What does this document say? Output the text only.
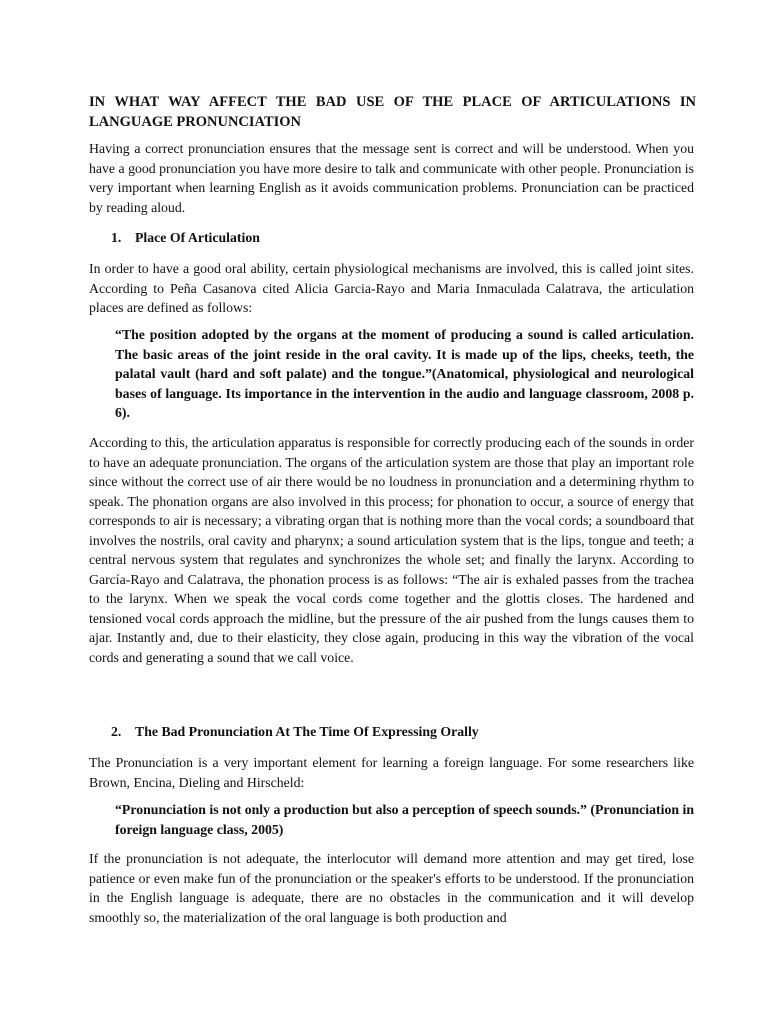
IN WHAT WAY AFFECT THE BAD USE OF THE PLACE OF ARTICULATIONS IN LANGUAGE PRONUNCIATION

Having a correct pronunciation ensures that the message sent is correct and will be understood. When you have a good pronunciation you have more desire to talk and communicate with other people. Pronunciation is very important when learning English as it avoids communication problems. Pronunciation can be practiced by reading aloud.

1. Place Of Articulation

In order to have a good oral ability, certain physiological mechanisms are involved, this is called joint sites. According to Peña Casanova cited Alicia Garcia-Rayo and Maria Inmaculada Calatrava, the articulation places are defined as follows:

“The position adopted by the organs at the moment of producing a sound is called articulation. The basic areas of the joint reside in the oral cavity. It is made up of the lips, cheeks, teeth, the palatal vault (hard and soft palate) and the tongue.”(Anatomical, physiological and neurological bases of language. Its importance in the intervention in the audio and language classroom, 2008 p. 6).

According to this, the articulation apparatus is responsible for correctly producing each of the sounds in order to have an adequate pronunciation. The organs of the articulation system are those that play an important role since without the correct use of air there would be no loudness in pronunciation and a determining rhythm to speak. The phonation organs are also involved in this process; for phonation to occur, a source of energy that corresponds to air is necessary; a vibrating organ that is nothing more than the vocal cords; a soundboard that involves the nostrils, oral cavity and pharynx; a sound articulation system that is the lips, tongue and teeth; a central nervous system that regulates and synchronizes the whole set; and finally the larynx. According to García-Rayo and Calatrava, the phonation process is as follows: “The air is exhaled passes from the trachea to the larynx. When we speak the vocal cords come together and the glottis closes. The hardened and tensioned vocal cords approach the midline, but the pressure of the air pushed from the lungs causes them to ajar. Instantly and, due to their elasticity, they close again, producing in this way the vibration of the vocal cords and generating a sound that we call voice.

2. The Bad Pronunciation At The Time Of Expressing Orally

The Pronunciation is a very important element for learning a foreign language. For some researchers like Brown, Encina, Dieling and Hirscheld:

“Pronunciation is not only a production but also a perception of speech sounds.” (Pronunciation in foreign language class, 2005)

If the pronunciation is not adequate, the interlocutor will demand more attention and may get tired, lose patience or even make fun of the pronunciation or the speaker's efforts to be understood. If the pronunciation in the English language is adequate, there are no obstacles in the communication and it will develop smoothly so, the materialization of the oral language is both production and
